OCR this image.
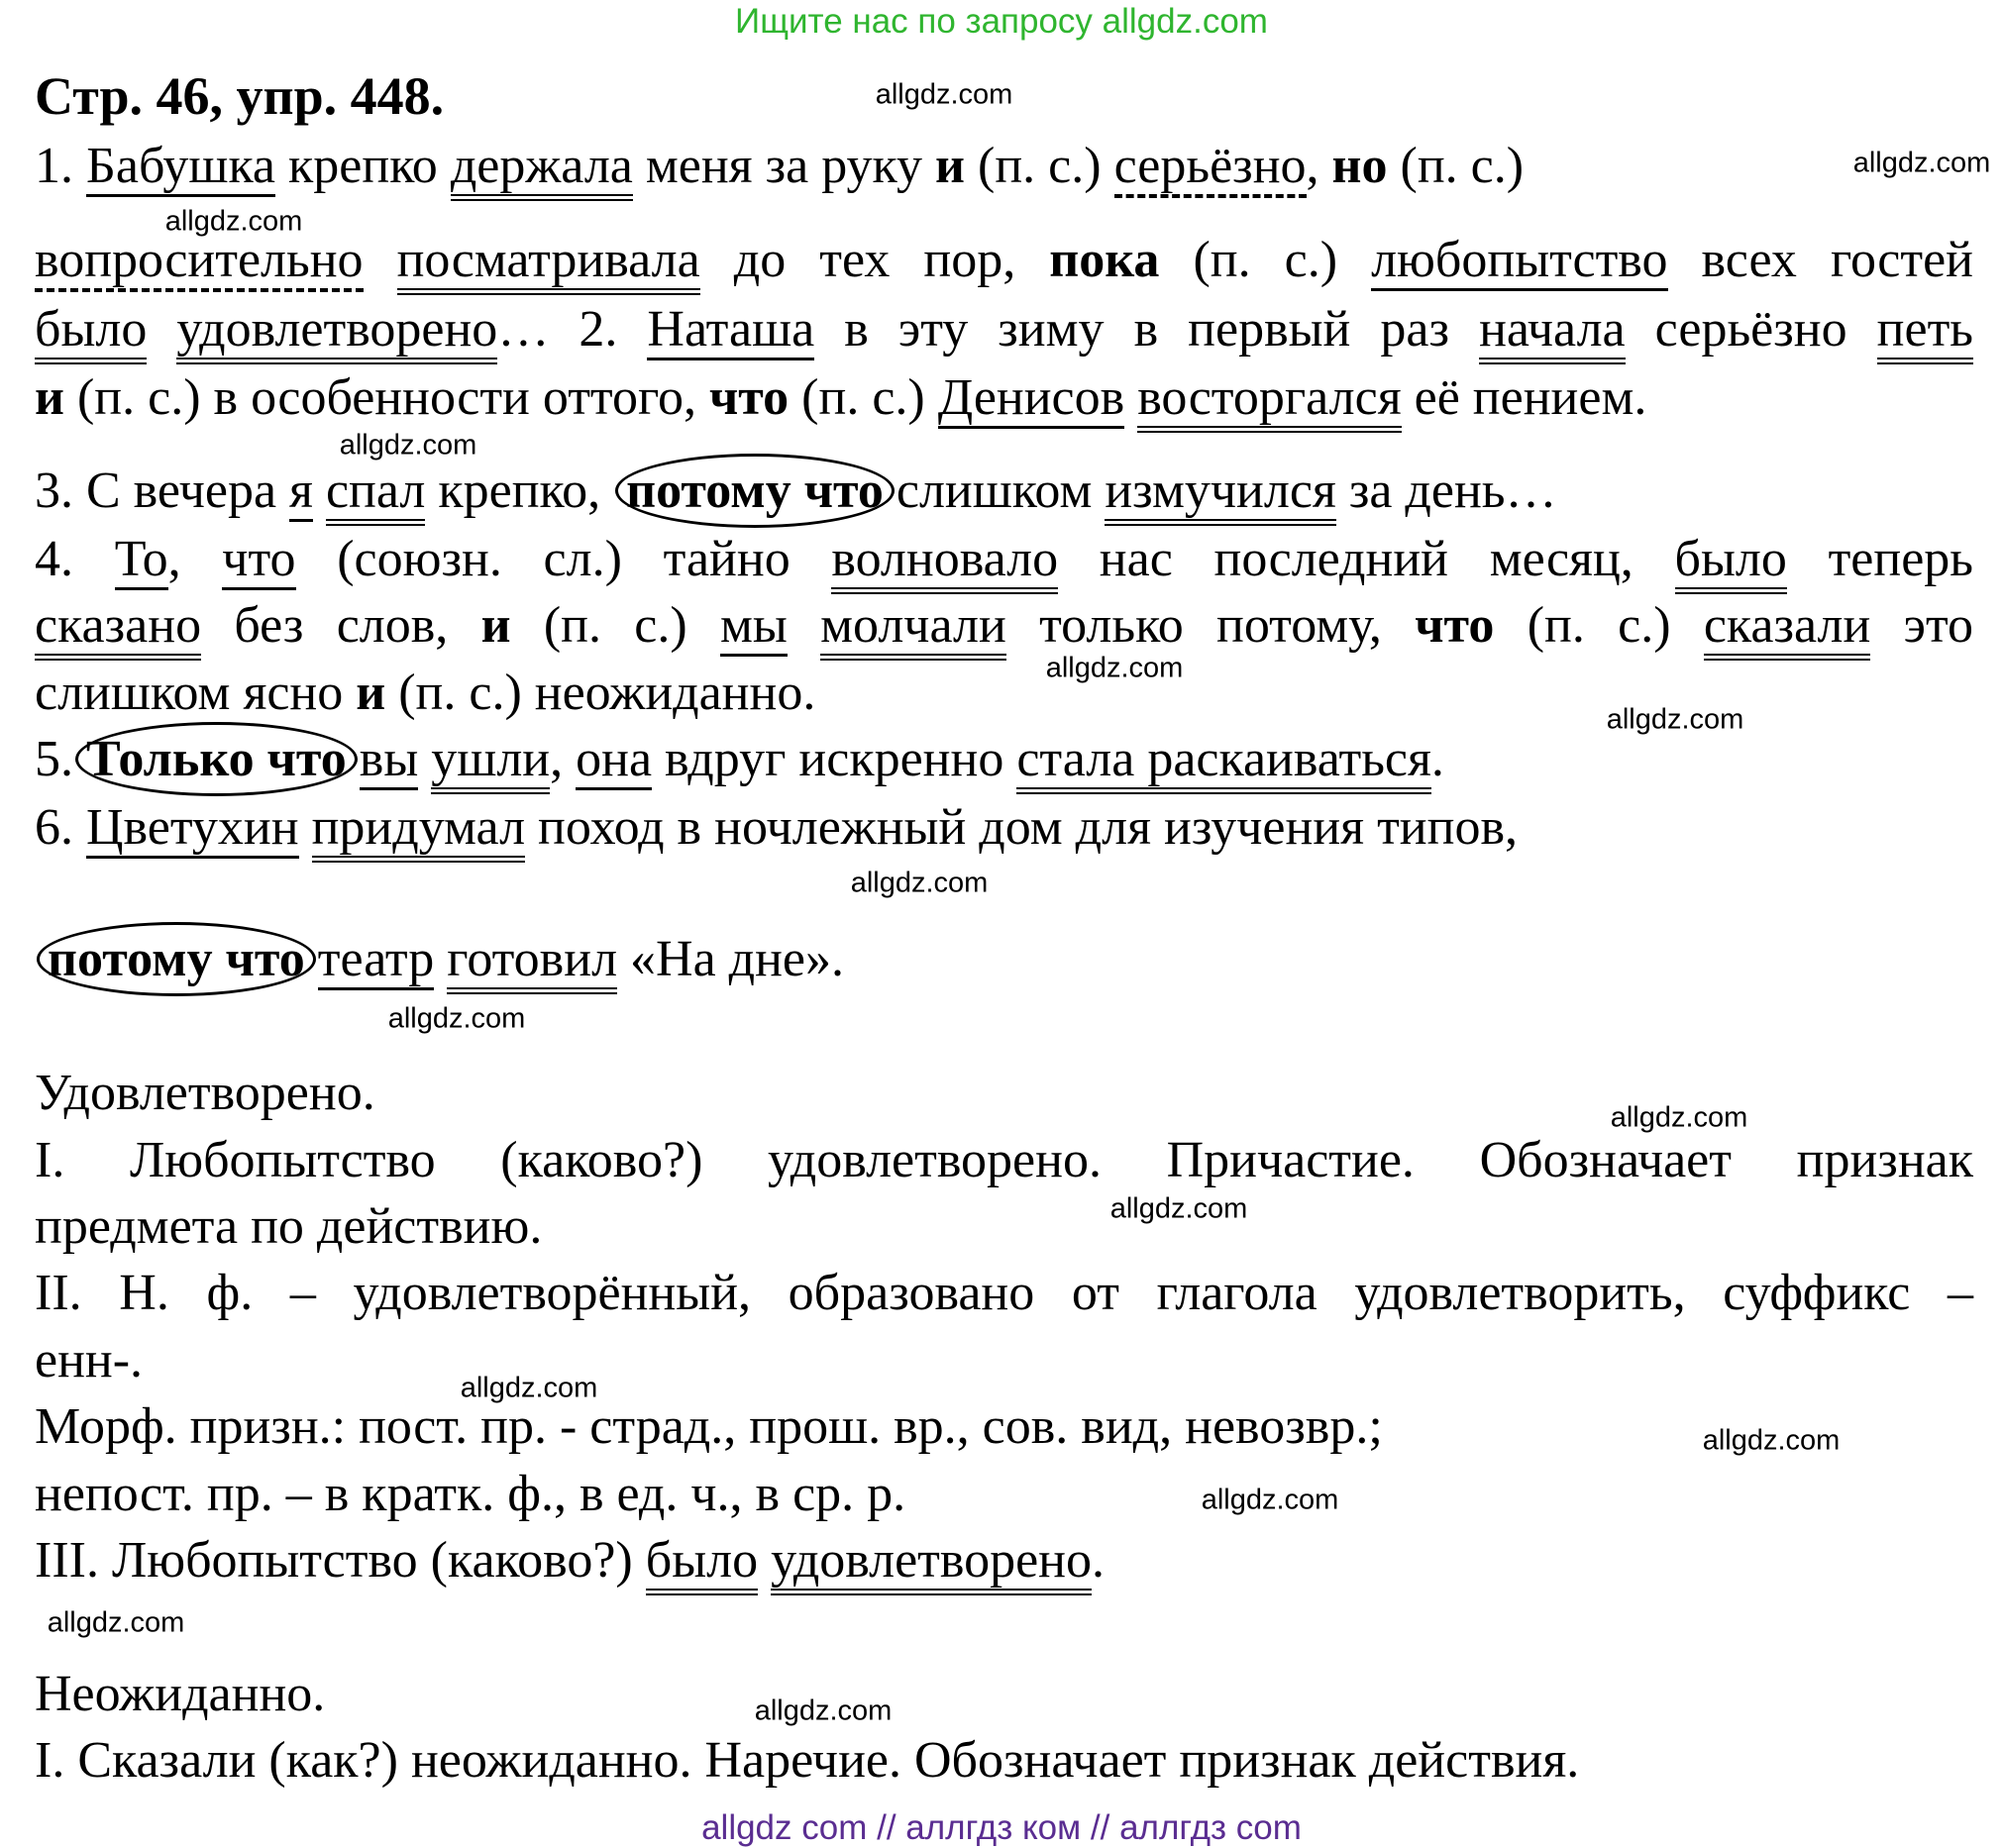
Ищите нас по запросу allgdz.com
Стр. 46, упр. 448.
1. Бабушка крепко держала меня за руку и (п. с.) серьёзно, но (п. с.)
вопросительно посматривала до тех пор, пока (п. с.) любопытство всех гостей
было удовлетворено… 2. Наташа в эту зиму в первый раз начала серьёзно петь
и (п. с.) в особенности оттого, что (п. с.) Денисов восторгался её пением.
3. С вечера я спал крепко, потому что слишком измучился за день…
4. То, что (союзн. сл.) тайно волновало нас последний месяц, было теперь
сказано без слов, и (п. с.) мы молчали только потому, что (п. с.) сказали это
слишком ясно и (п. с.) неожиданно.
5. Только что вы ушли, она вдруг искренно стала раскаиваться.
6. Цветухин придумал поход в ночлежный дом для изучения типов,
потому что театр готовил «На дне».
Удовлетворено.
I. Любопытство (каково?) удовлетворено. Причастие. Обозначает признак
предмета по действию.
II. Н. ф. – удовлетворённый, образовано от глагола удовлетворить, суффикс –
енн-.
Морф. призн.: пост. пр. - страд., прош. вр., сов. вид, невозвр.;
непост. пр. – в кратк. ф., в ед. ч., в ср. р.
III. Любопытство (каково?) было удовлетворено.
Неожиданно.
I. Сказали (как?) неожиданно. Наречие. Обозначает признак действия.
allgdz.com
allgdz.com
allgdz.com
allgdz.com
allgdz.com
allgdz.com
allgdz.com
allgdz.com
allgdz.com
allgdz.com
allgdz.com
allgdz.com
allgdz.com
allgdz.com
allgdz.com
allgdz com // аллгдз ком // аллгдз com
